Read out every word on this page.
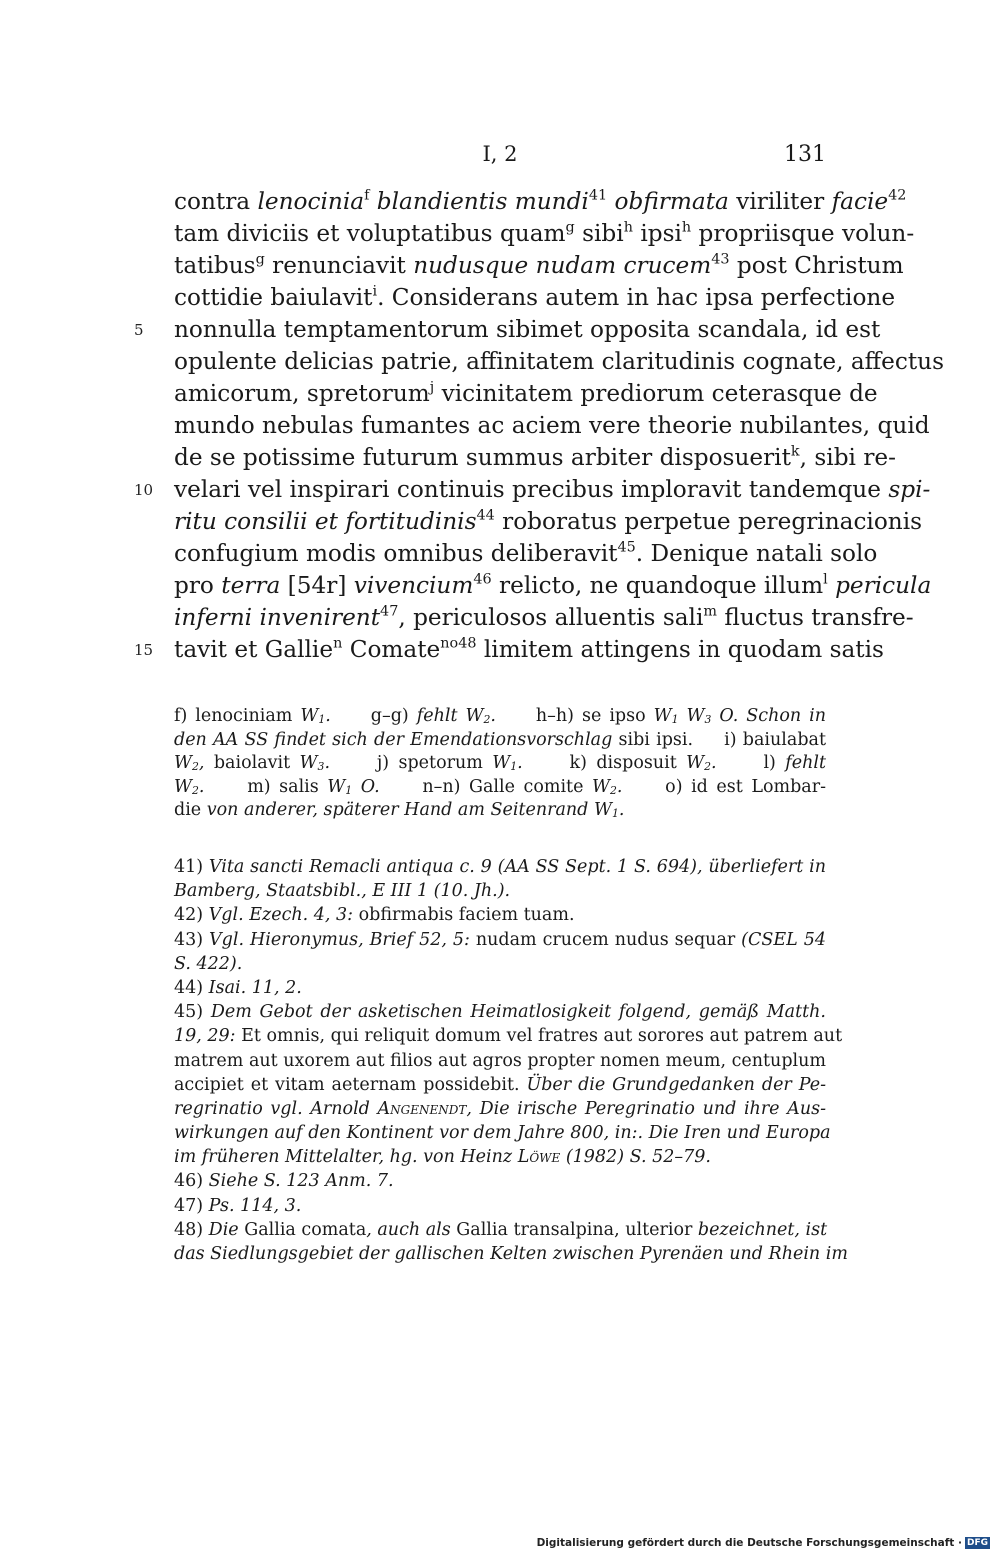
I, 2	131
contra lenocinia$^f$ blandientis mundi$^{41}$ obfirmata viriliter facie$^{42}$
tam diviciis et voluptatibus quam$^g$ sibi$^h$ ipsi$^h$ propriisque volun-
tatibus$^g$ renunciavit nudusque nudam crucem$^{43}$ post Christum
cottidie baiulavit$^i$. Considerans autem in hac ipsa perfectione
5 nonnulla temptamentorum sibimet opposita scandala, id est
opulente delicias patrie, affinitatem claritudinis cognate, affectus
amicorum, spretorum$^j$ vicinitatem prediorum ceterasque de
mundo nebulas fumantes ac aciem vere theorie nubilantes, quid
de se potissime futurum summus arbiter disposuerit$^k$, sibi re-
10 velari vel inspirari continuis precibus imploravit tandemque spi-
ritu consilii et fortitudinis$^{44}$ roboratus perpetue peregrinacionis
confugium modis omnibus deliberavit$^{45}$. Denique natali solo
pro terra [54r] vivencium$^{46}$ relicto, ne quandoque illum$^l$ pericula
inferni invenirent$^{47}$, periculosos alluentis sali$^m$ fluctus transfre-
15 tavit et Gallie$^n$ Comate$^{no48}$ limitem attingens in quodam satis
f) lenociniam $W_1$.     g–g) fehlt $W_2$.     h–h) se ipso $W_1$ $W_3$ O. Schon in
den AA SS findet sich der Emendationsvorschlag sibi ipsi.     i) baiulabat
$W_2$, baiolavit $W_3$.     j) spetorum $W_1$.     k) disposuit $W_2$.     l) fehlt
$W_2$.     m) salis $W_1$ O.     n–n) Galle comite $W_2$.     o) id est Lombar-
die von anderer, späterer Hand am Seitenrand $W_1$.
41) Vita sancti Remacli antiqua c. 9 (AA SS Sept. 1 S. 694), überliefert in
Bamberg, Staatsbibl., E III 1 (10. Jh.).
42) Vgl. Ezech. 4, 3: obfirmabis faciem tuam.
43) Vgl. Hieronymus, Brief 52, 5: nudam crucem nudus sequar (CSEL 54
S. 422).
44) Isai. 11, 2.
45) Dem Gebot der asketischen Heimatlosigkeit folgend, gemäß Matth.
19, 29: Et omnis, qui reliquit domum vel fratres aut sorores aut patrem aut
matrem aut uxorem aut filios aut agros propter nomen meum, centuplum
accipiet et vitam aeternam possidebit. Über die Grundgedanken der Pe-
regrinatio vgl. Arnold Angenendt, Die irische Peregrinatio und ihre Aus-
wirkungen auf den Kontinent vor dem Jahre 800, in:. Die Iren und Europa
im früheren Mittelalter, hg. von Heinz Löwe (1982) S. 52–79.
46) Siehe S. 123 Anm. 7.
47) Ps. 114, 3.
48) Die Gallia comata, auch als Gallia transalpina, ulterior bezeichnet, ist
das Siedlungsgebiet der gallischen Kelten zwischen Pyrenäen und Rhein im
Digitalisierung gefördert durch die Deutsche Forschungsgemeinschaft · DFG
